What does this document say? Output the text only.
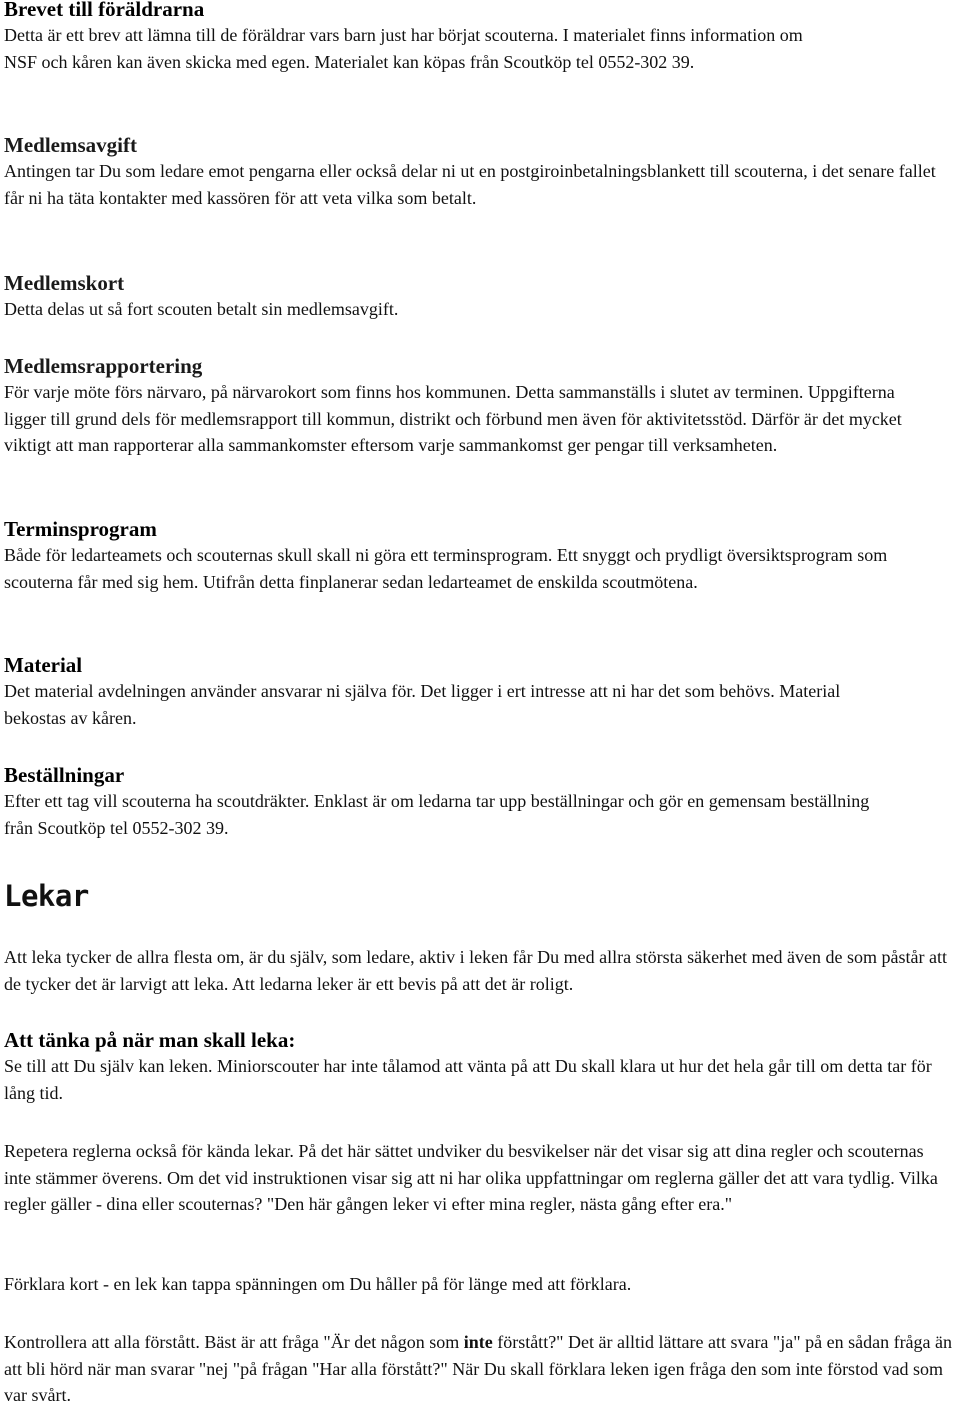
Brevet till föräldrarna

Detta är ett brev att lämna till de föräldrar vars barn just har börjat scouterna. I materialet finns information om NSF och kåren kan även skicka med egen. Materialet kan köpas från Scoutköp tel 0552-302 39.

Medlemsavgift

Antingen tar Du som ledare emot pengarna eller också delar ni ut en postgiroinbetalningsblankett till scouterna, i det senare fallet får ni ha täta kontakter med kassören för att veta vilka som betalt.

Medlemskort

Detta delas ut så fort scouten betalt sin medlemsavgift.

Medlemsrapportering

För varje möte förs närvaro, på närvarokort som finns hos kommunen. Detta sammanställs i slutet av terminen. Uppgifterna ligger till grund dels för medlemsrapport till kommun, distrikt och förbund men även för aktivitetsstöd. Därför är det mycket viktigt att man rapporterar alla sammankomster eftersom varje sammankomst ger pengar till verksamheten.

Terminsprogram

Både för ledarteamets och scouternas skull skall ni göra ett terminsprogram. Ett snyggt och prydligt översiktsprogram som scouterna får med sig hem. Utifrån detta finplanerar sedan ledarteamet de enskilda scoutmötena.

Material

Det material avdelningen använder ansvarar ni själva för. Det ligger i ert intresse att ni har det som behövs. Material bekostas av kåren.

Beställningar

Efter ett tag vill scouterna ha scoutdräkter. Enklast är om ledarna tar upp beställningar och gör en gemensam beställning från Scoutköp tel 0552-302 39.

Lekar

Att leka tycker de allra flesta om, är du själv, som ledare, aktiv i leken får Du med allra största säkerhet med även de som påstår att de tycker det är larvigt att leka. Att ledarna leker är ett bevis på att det är roligt.

Att tänka på när man skall leka:

Se till att Du själv kan leken. Miniorscouter har inte tålamod att vänta på att Du skall klara ut hur det hela går till om detta tar för lång tid.

Repetera reglerna också för kända lekar. På det här sättet undviker du besvikelser när det visar sig att dina regler och scouternas inte stämmer överens. Om det vid instruktionen visar sig att ni har olika uppfattningar om reglerna gäller det att vara tydlig. Vilka regler gäller - dina eller scouternas? "Den här gången leker vi efter mina regler, nästa gång efter era."

Förklara kort - en lek kan tappa spänningen om Du håller på för länge med att förklara.

Kontrollera att alla förstått. Bäst är att fråga "Är det någon som inte förstått?" Det är alltid lättare att svara "ja" på en sådan fråga än att bli hörd när man svarar "nej "på frågan "Har alla förstått?" När Du skall förklara leken igen fråga den som inte förstod vad som var svårt.
